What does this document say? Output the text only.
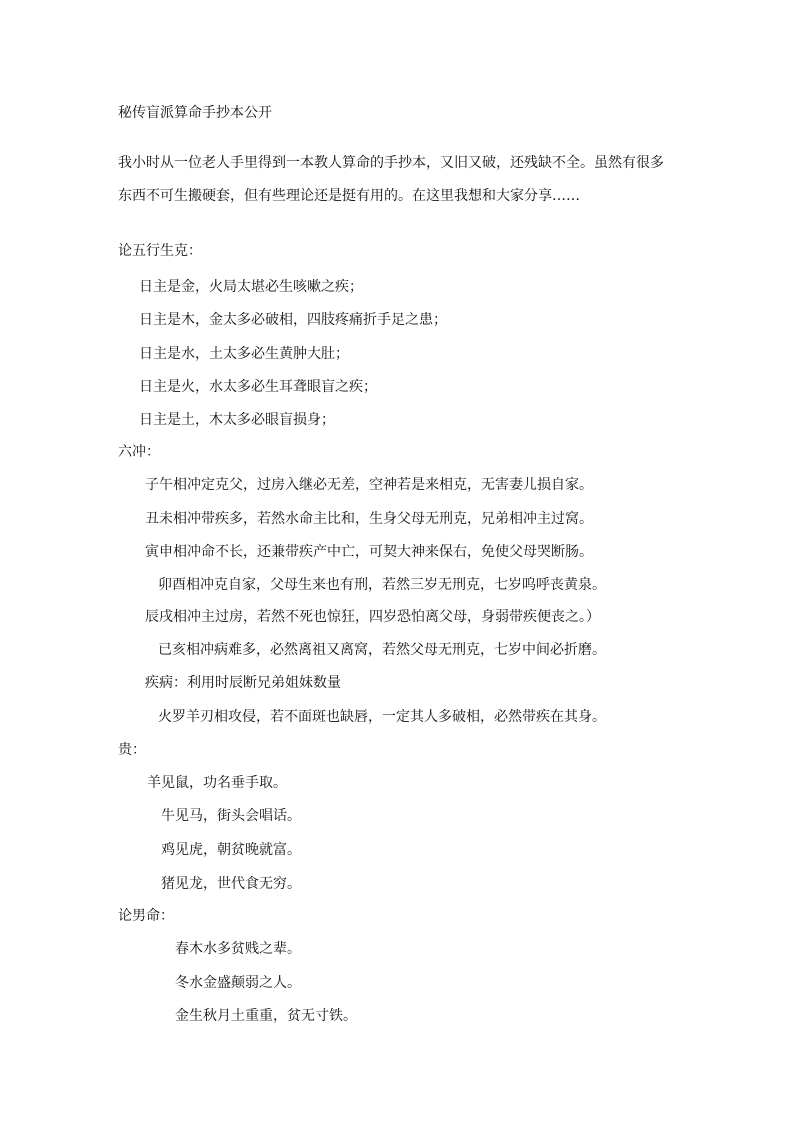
秘传盲派算命手抄本公开
我小时从一位老人手里得到一本教人算命的手抄本，又旧又破，还残缺不全。虽然有很多
东西不可生搬硬套，但有些理论还是挺有用的。在这里我想和大家分享……
论五行生克：
日主是金，火局太堪必生咳嗽之疾；
日主是木，金太多必破相，四肢疼痛折手足之患；
日主是水，土太多必生黄肿大肚；
日主是火，水太多必生耳聋眼盲之疾；
日主是土，木太多必眼盲损身；
六冲：
子午相冲定克父，过房入继必无差，空神若是来相克，无害妻儿损自家。
丑未相冲带疾多，若然水命主比和，生身父母无刑克，兄弟相冲主过窝。
寅申相冲命不长，还兼带疾产中亡，可契大神来保右，免使父母哭断肠。
卯酉相冲克自家，父母生来也有刑，若然三岁无刑克，七岁呜呼丧黄泉。
辰戌相冲主过房，若然不死也惊狂，四岁恐怕离父母，身弱带疾便丧之。）
已亥相冲病难多，必然离祖又离窝，若然父母无刑克，七岁中间必折磨。
疾病：利用时辰断兄弟姐妹数量
火罗羊刃相攻侵，若不面斑也缺唇，一定其人多破相，必然带疾在其身。
贵：
羊见鼠，功名垂手取。
牛见马，街头会唱话。
鸡见虎，朝贫晚就富。
猪见龙，世代食无穷。
论男命：
春木水多贫贱之辈。
冬水金盛颠弱之人。
金生秋月土重重，贫无寸铁。
